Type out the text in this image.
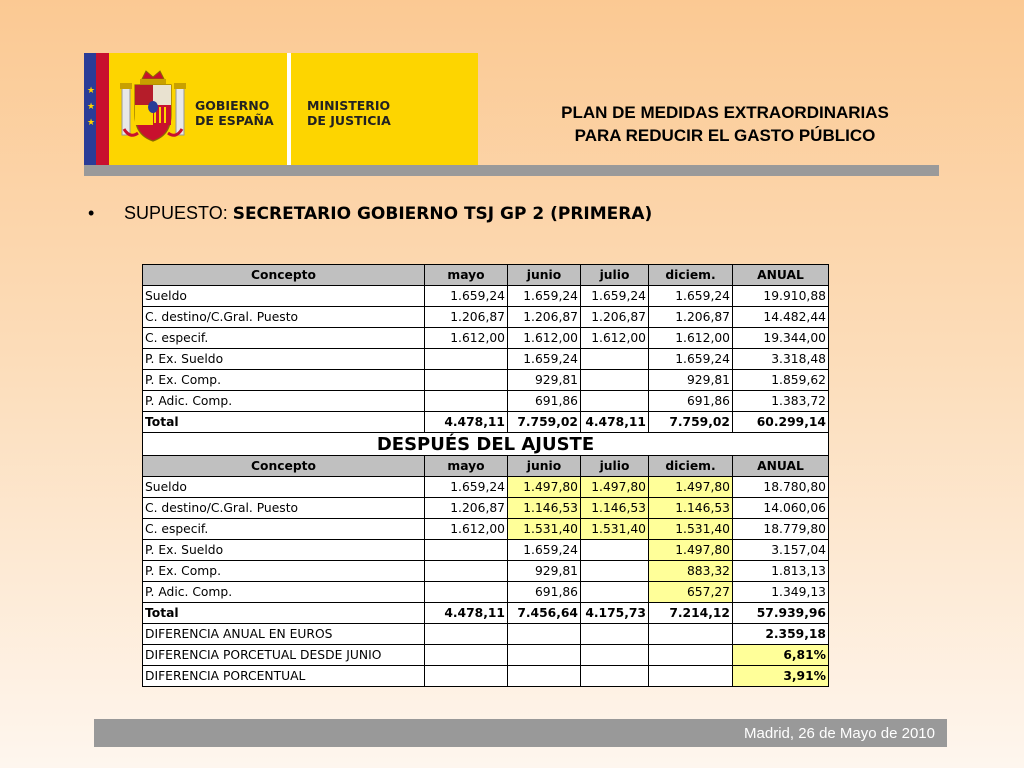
★
★
★
GOBIERNO
DE ESPAÑA
MINISTERIO
DE JUSTICIA	PLAN DE MEDIDAS EXTRAORDINARIAS
PARA REDUCIR EL GASTO PÚBLICO
• SUPUESTO: SECRETARIO GOBIERNO TSJ GP 2 (PRIMERA)
Concepto	mayo	junio	julio	diciem.	ANUAL
Sueldo	1.659,24	1.659,24	1.659,24	1.659,24	19.910,88
C. destino/C.Gral. Puesto	1.206,87	1.206,87	1.206,87	1.206,87	14.482,44
C. especif.	1.612,00	1.612,00	1.612,00	1.612,00	19.344,00
P. Ex. Sueldo		1.659,24		1.659,24	3.318,48
P. Ex. Comp.		929,81		929,81	1.859,62
P. Adic. Comp.		691,86		691,86	1.383,72
Total	4.478,11	7.759,02	4.478,11	7.759,02	60.299,14
DESPUÉS DEL AJUSTE					
Concepto	mayo	junio	julio	diciem.	ANUAL
Sueldo	1.659,24	1.497,80	1.497,80	1.497,80	18.780,80
C. destino/C.Gral. Puesto	1.206,87	1.146,53	1.146,53	1.146,53	14.060,06
C. especif.	1.612,00	1.531,40	1.531,40	1.531,40	18.779,80
P. Ex. Sueldo		1.659,24		1.497,80	3.157,04
P. Ex. Comp.		929,81		883,32	1.813,13
P. Adic. Comp.		691,86		657,27	1.349,13
Total	4.478,11	7.456,64	4.175,73	7.214,12	57.939,96
DIFERENCIA ANUAL EN EUROS					2.359,18
DIFERENCIA PORCETUAL DESDE JUNIO					6,81%
DIFERENCIA PORCENTUAL					3,91%
Madrid, 26 de Mayo de 2010
